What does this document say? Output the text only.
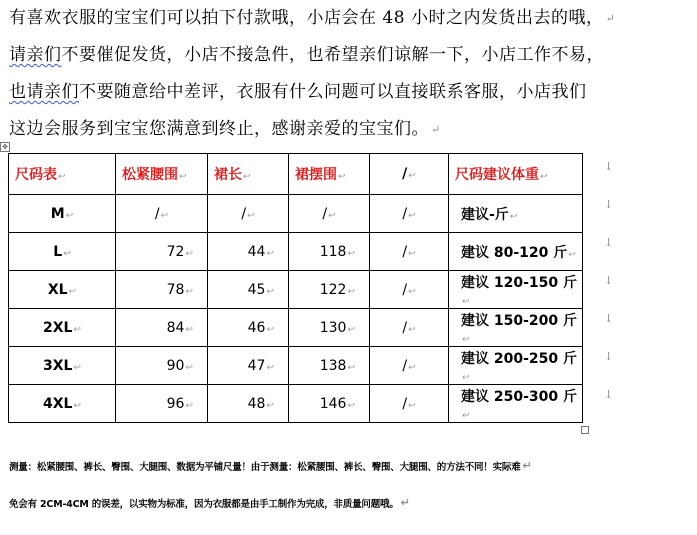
有喜欢衣服的宝宝们可以拍下付款哦，小店会在 48 小时之内发货出去的哦， ↵
请亲们不要催促发货，小店不接急件，也希望亲们谅解一下，小店工作不易，
也请亲们不要随意给中差评，衣服有什么问题可以直接联系客服，小店我们
这边会服务到宝宝您满意到终止，感谢亲爱的宝宝们。 ↵
✥
尺码表↩	松紧腰围↩	裙长↩	裙摆围↩	/↩	尺码建议体重↩
M↩	/↩	/↩	/↩	/↩	建议-斤↩
L↩	72↩	44↩	118↩	/↩	建议 80-120 斤↩
XL↩	78↩	45↩	122↩	/↩	建议 120-150 斤↩
2XL↩	84↩	46↩	130↩	/↩	建议 150-200 斤↩
3XL↩	90↩	47↩	138↩	/↩	建议 200-250 斤↩
4XL↩	96↩	48↩	146↩	/↩	建议 250-300 斤↩
↓
↓
↓
↓
↓
↓
↓
测量：松紧腰围、裤长、臀围、大腿围、数据为平铺尺量！由于测量：松紧腰围、裤长、臀围、大腿围、的方法不同！实际难 ↵
免会有 2CM-4CM 的误差，以实物为标准，因为衣服都是由手工制作为完成，非质量问题哦。 ↵
